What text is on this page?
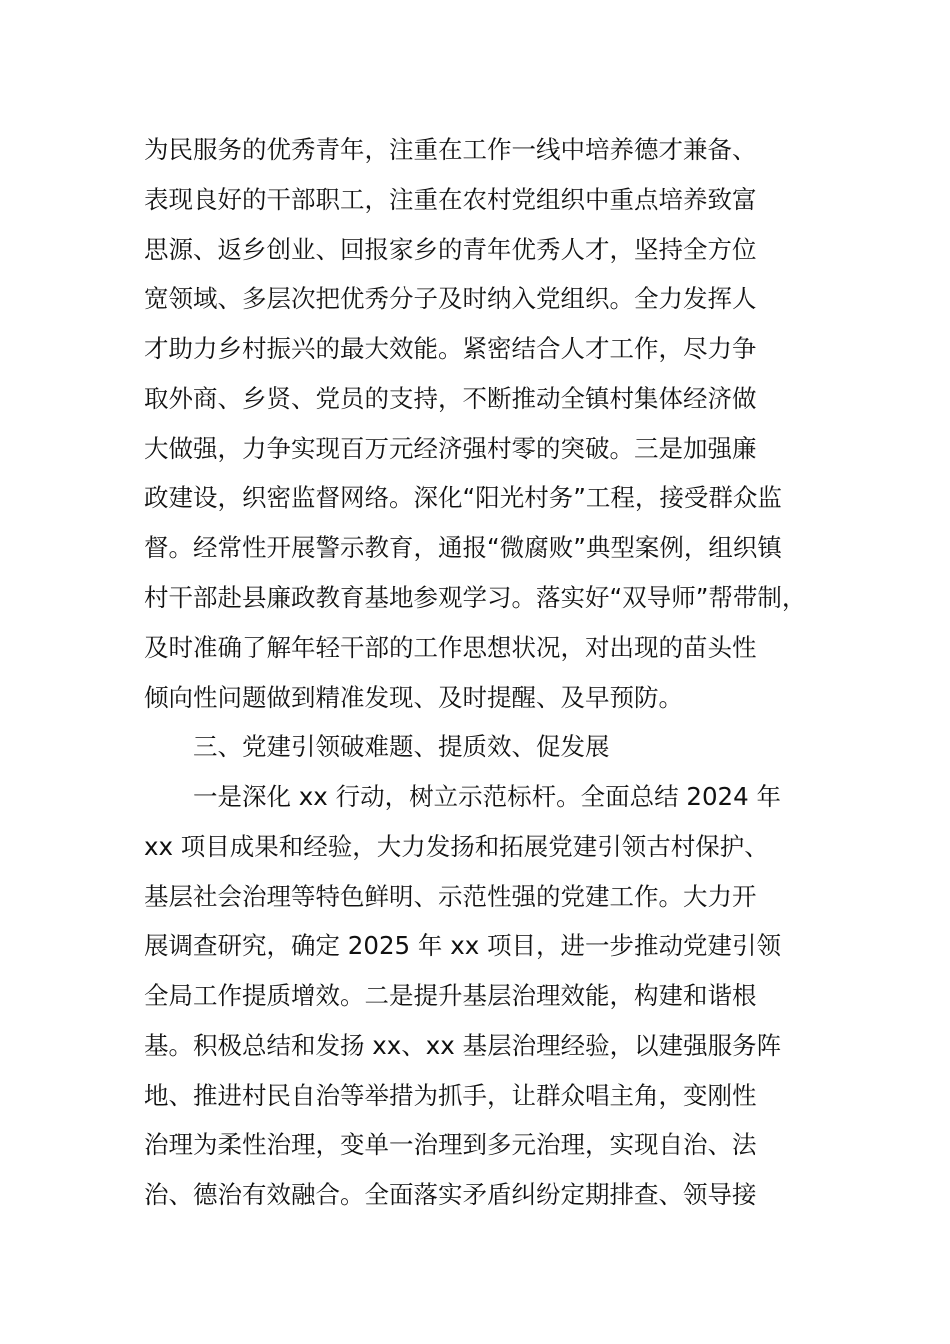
为民服务的优秀青年，注重在工作一线中培养德才兼备、
表现良好的干部职工，注重在农村党组织中重点培养致富
思源、返乡创业、回报家乡的青年优秀人才，坚持全方位
宽领域、多层次把优秀分子及时纳入党组织。全力发挥人
才助力乡村振兴的最大效能。紧密结合人才工作，尽力争
取外商、乡贤、党员的支持，不断推动全镇村集体经济做
大做强，力争实现百万元经济强村零的突破。三是加强廉
政建设，织密监督网络。深化“阳光村务”工程，接受群众监
督。经常性开展警示教育，通报“微腐败”典型案例，组织镇
村干部赴县廉政教育基地参观学习。落实好“双导师”帮带制，
及时准确了解年轻干部的工作思想状况，对出现的苗头性
倾向性问题做到精准发现、及时提醒、及早预防。
三、党建引领破难题、提质效、促发展
一是深化 xx 行动，树立示范标杆。全面总结 2024 年
xx 项目成果和经验，大力发扬和拓展党建引领古村保护、
基层社会治理等特色鲜明、示范性强的党建工作。大力开
展调查研究，确定 2025 年 xx 项目，进一步推动党建引领
全局工作提质增效。二是提升基层治理效能，构建和谐根
基。积极总结和发扬 xx、xx 基层治理经验，以建强服务阵
地、推进村民自治等举措为抓手，让群众唱主角，变刚性
治理为柔性治理，变单一治理到多元治理，实现自治、法
治、德治有效融合。全面落实矛盾纠纷定期排查、领导接
